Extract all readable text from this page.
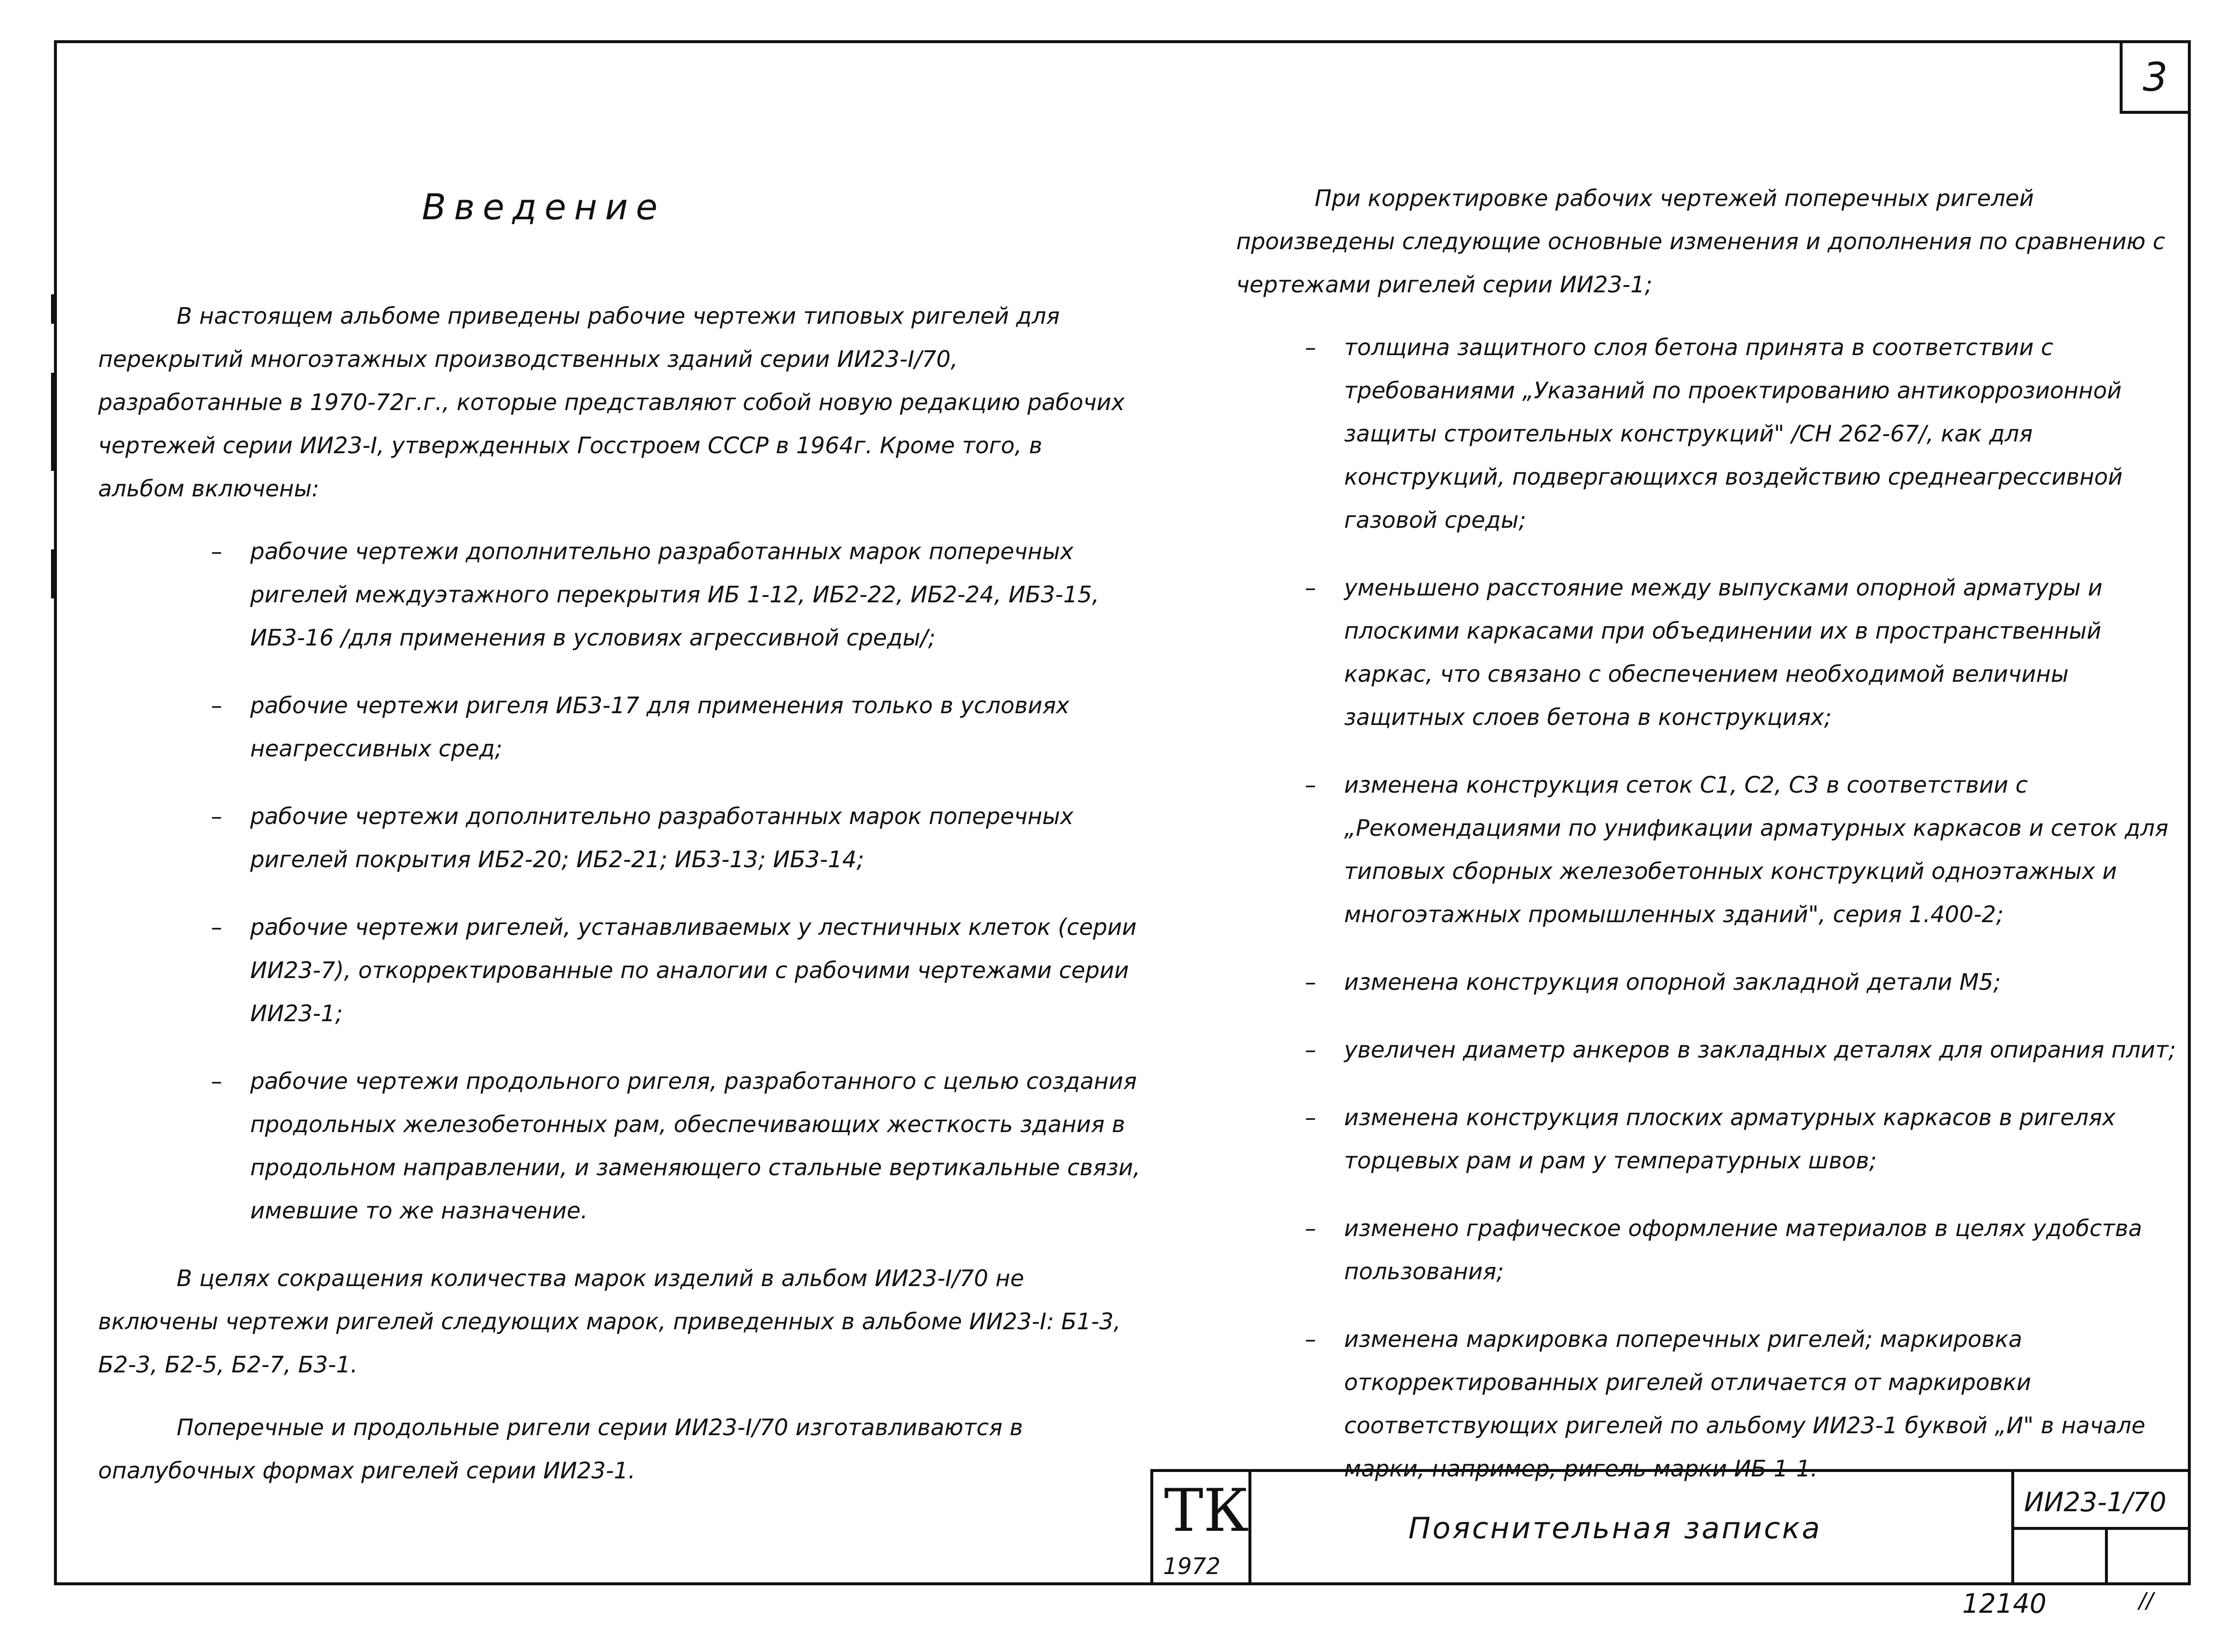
3
Введение

В настоящем альбоме приведены рабочие чертежи типовых ригелей для перекрытий многоэтажных производственных зданий серии ИИ23-I/70, разработанные в 1970-72г.г., которые представляют собой новую редакцию рабочих чертежей серии ИИ23-I, утвержденных Госстроем СССР в 1964г. Кроме того, в альбом включены:

– рабочие чертежи дополнительно разработанных марок поперечных ригелей междуэтажного перекрытия ИБ 1-12, ИБ2-22, ИБ2-24, ИБ3-15, ИБ3-16 /для применения в условиях агрессивной среды/;
– рабочие чертежи ригеля ИБ3-17 для применения только в условиях неагрессивных сред;
– рабочие чертежи дополнительно разработанных марок поперечных ригелей покрытия ИБ2-20; ИБ2-21; ИБ3-13; ИБ3-14;
– рабочие чертежи ригелей, устанавливаемых у лестничных клеток (серии ИИ23-7), откорректированные по аналогии с рабочими чертежами серии ИИ23-1;
– рабочие чертежи продольного ригеля, разработанного с целью создания продольных железобетонных рам, обеспечивающих жесткость здания в продольном направлении, и заменяющего стальные вертикальные связи, имевшие то же назначение.

В целях сокращения количества марок изделий в альбом ИИ23-I/70 не включены чертежи ригелей следующих марок, приведенных в альбоме ИИ23-I: Б1-3, Б2-3, Б2-5, Б2-7, Б3-1.

Поперечные и продольные ригели серии ИИ23-I/70 изготавливаются в опалубочных формах ригелей серии ИИ23-1.

При корректировке рабочих чертежей поперечных ригелей произведены следующие основные изменения и дополнения по сравнению с чертежами ригелей серии ИИ23-1;

– толщина защитного слоя бетона принята в соответствии с требованиями „Указаний по проектированию антикоррозионной защиты строительных конструкций" /СН 262-67/, как для конструкций, подвергающихся воздействию среднеагрессивной газовой среды;
– уменьшено расстояние между выпусками опорной арматуры и плоскими каркасами при объединении их в пространственный каркас, что связано с обеспечением необходимой величины защитных слоев бетона в конструкциях;
– изменена конструкция сеток С1, С2, С3 в соответствии с „Рекомендациями по унификации арматурных каркасов и сеток для типовых сборных железобетонных конструкций одноэтажных и многоэтажных промышленных зданий", серия 1.400-2;
– изменена конструкция опорной закладной детали М5;
– увеличен диаметр анкеров в закладных деталях для опирания плит;
– изменена конструкция плоских арматурных каркасов в ригелях торцевых рам и рам у температурных швов;
– изменено графическое оформление материалов в целях удобства пользования;
– изменена маркировка поперечных ригелей; маркировка откорректированных ригелей отличается от маркировки соответствующих ригелей по альбому ИИ23-1 буквой „И" в начале марки, например, ригель марки ИБ 1-1.
ТК
1972
Пояснительная записка
ИИ23-1/70
12140	//
